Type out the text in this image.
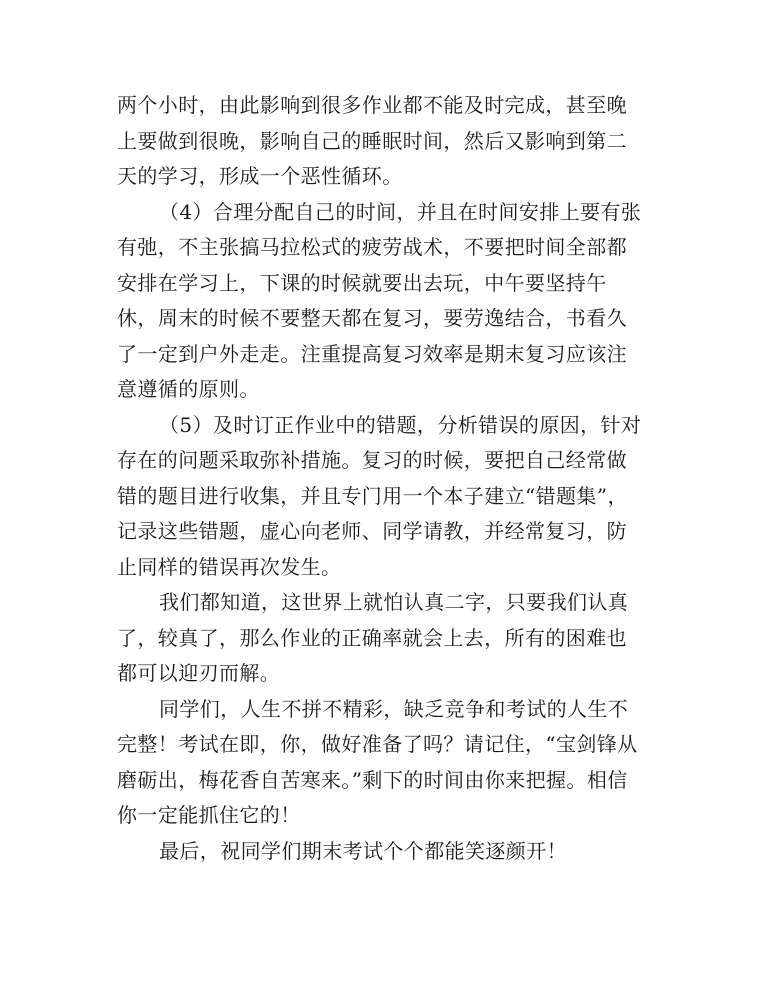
两个小时，由此影响到很多作业都不能及时完成，甚至晚
上要做到很晚，影响自己的睡眠时间，然后又影响到第二
天的学习，形成一个恶性循环。
（4）合理分配自己的时间，并且在时间安排上要有张
有弛，不主张搞马拉松式的疲劳战术，不要把时间全部都
安排在学习上，下课的时候就要出去玩，中午要坚持午
休，周末的时候不要整天都在复习，要劳逸结合，书看久
了一定到户外走走。注重提高复习效率是期末复习应该注
意遵循的原则。
（5）及时订正作业中的错题，分析错误的原因，针对
存在的问题采取弥补措施。复习的时候，要把自己经常做
错的题目进行收集，并且专门用一个本子建立“错题集”，
记录这些错题，虚心向老师、同学请教，并经常复习，防
止同样的错误再次发生。
我们都知道，这世界上就怕认真二字，只要我们认真
了，较真了，那么作业的正确率就会上去，所有的困难也
都可以迎刃而解。
同学们，人生不拼不精彩，缺乏竞争和考试的人生不
完整！考试在即，你，做好准备了吗？请记住，“宝剑锋从
磨砺出，梅花香自苦寒来。”剩下的时间由你来把握。相信
你一定能抓住它的！
最后，祝同学们期末考试个个都能笑逐颜开！
